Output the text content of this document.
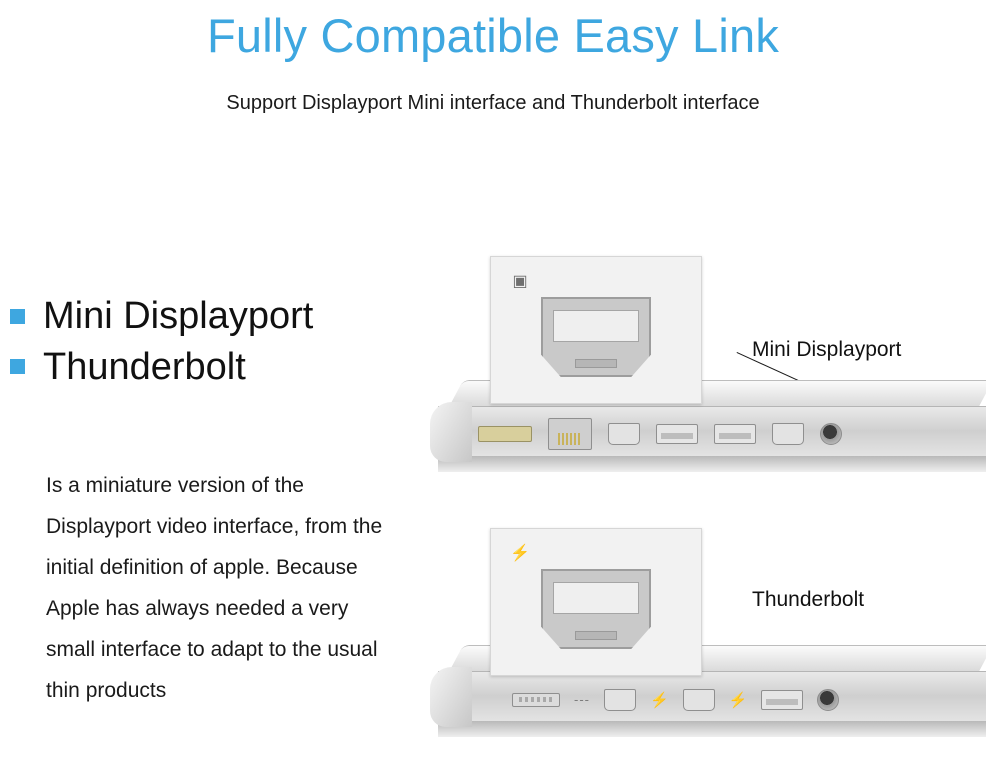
Fully Compatible Easy Link
Support Displayport Mini interface and Thunderbolt interface
Mini Displayport
Thunderbolt
Is a miniature version of the Displayport video interface, from the initial definition of apple. Because Apple has always needed a very small interface to adapt to the usual thin products
Mini Displayport
Thunderbolt
---	⚡	⚡
▣
⚡
